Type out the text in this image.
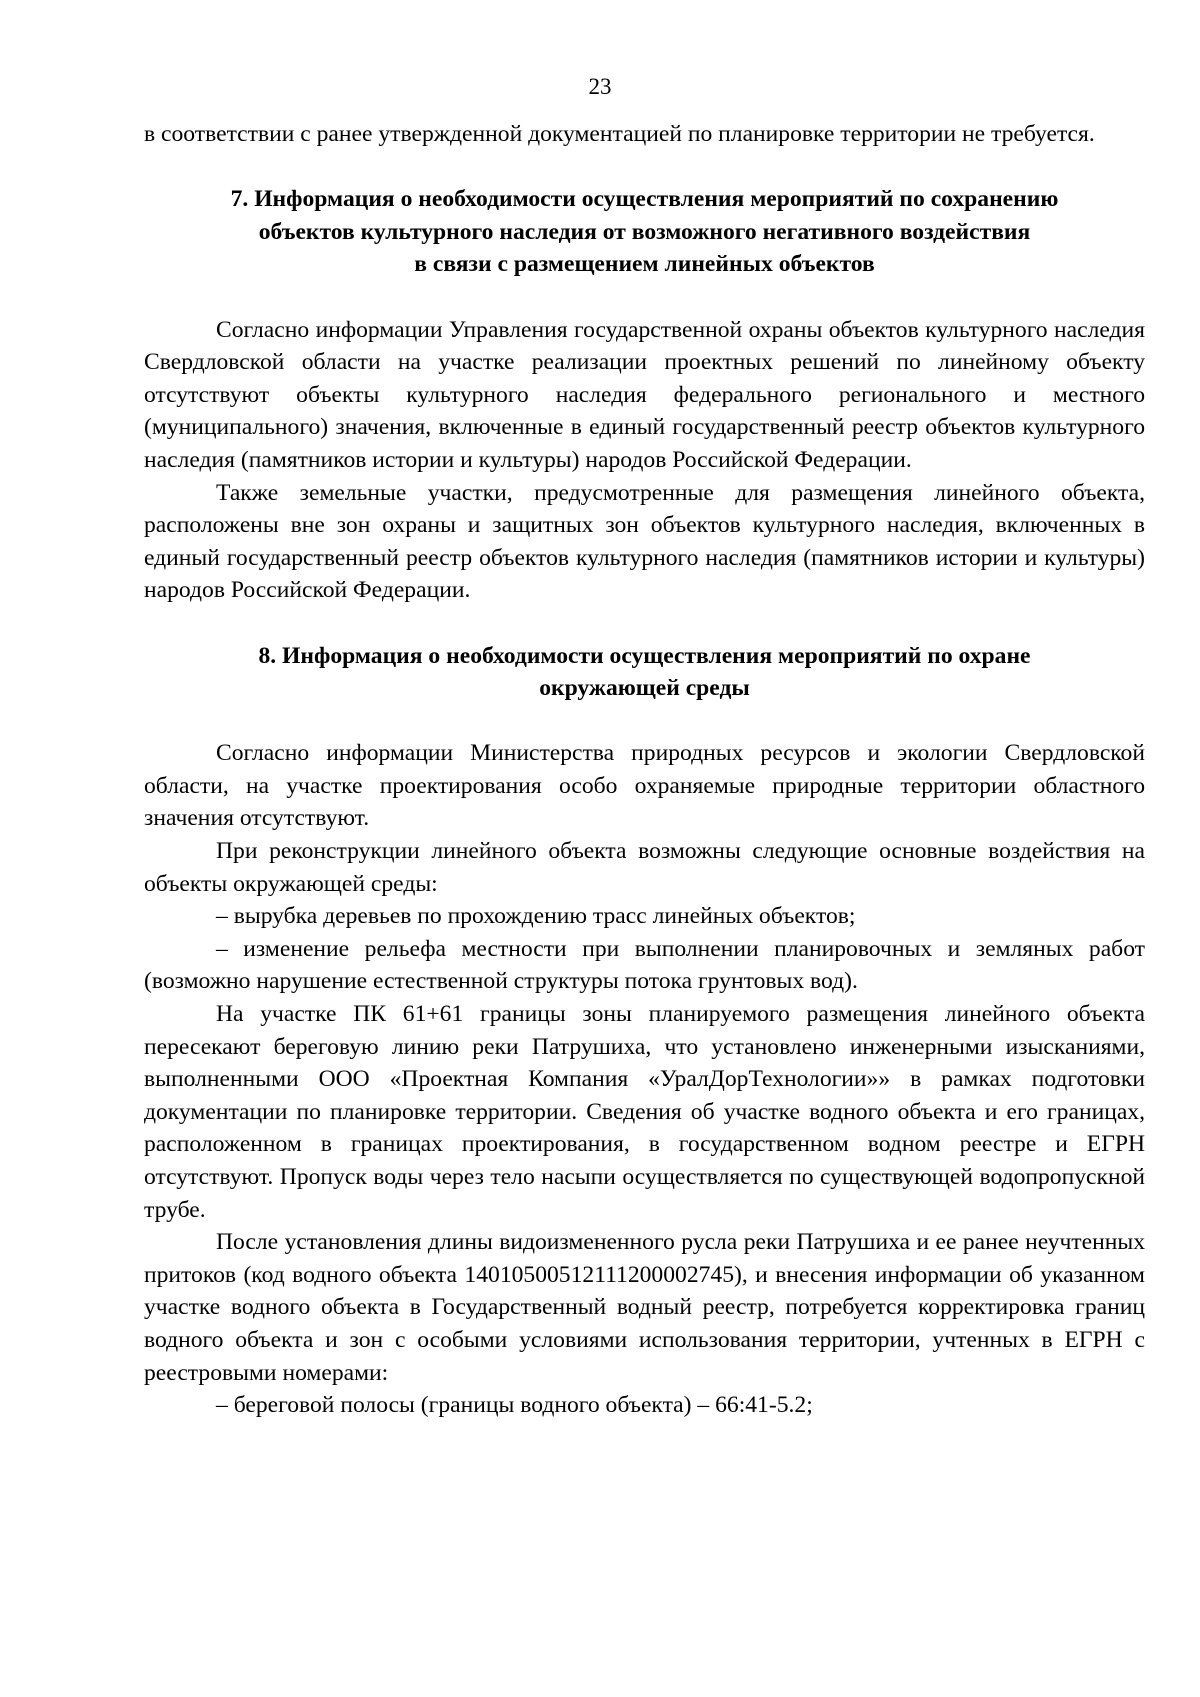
23

в соответствии с ранее утвержденной документацией по планировке территории не требуется.

7. Информация о необходимости осуществления мероприятий по сохранению
объектов культурного наследия от возможного негативного воздействия
в связи с размещением линейных объектов

Согласно информации Управления государственной охраны объектов культурного наследия Свердловской области на участке реализации проектных решений по линейному объекту отсутствуют объекты культурного наследия федерального регионального и местного (муниципального) значения, включенные в единый государственный реестр объектов культурного наследия (памятников истории и культуры) народов Российской Федерации.

Также земельные участки, предусмотренные для размещения линейного объекта, расположены вне зон охраны и защитных зон объектов культурного наследия, включенных в единый государственный реестр объектов культурного наследия (памятников истории и культуры) народов Российской Федерации.

8. Информация о необходимости осуществления мероприятий по охране
окружающей среды

Согласно информации Министерства природных ресурсов и экологии Свердловской области, на участке проектирования особо охраняемые природные территории областного значения отсутствуют.

При реконструкции линейного объекта возможны следующие основные воздействия на объекты окружающей среды:

– вырубка деревьев по прохождению трасс линейных объектов;

– изменение рельефа местности при выполнении планировочных и земляных работ (возможно нарушение естественной структуры потока грунтовых вод).

На участке ПК 61+61 границы зоны планируемого размещения линейного объекта пересекают береговую линию реки Патрушиха, что установлено инженерными изысканиями, выполненными ООО «Проектная Компания «УралДорТехнологии»» в рамках подготовки документации по планировке территории. Сведения об участке водного объекта и его границах, расположенном в границах проектирования, в государственном водном реестре и ЕГРН отсутствуют. Пропуск воды через тело насыпи осуществляется по существующей водопропускной трубе.

После установления длины видоизмененного русла реки Патрушиха и ее ранее неучтенных притоков (код водного объекта 14010500512111200002745), и внесения информации об указанном участке водного объекта в Государственный водный реестр, потребуется корректировка границ водного объекта и зон с особыми условиями использования территории, учтенных в ЕГРН с реестровыми номерами:

– береговой полосы (границы водного объекта) – 66:41-5.2;
